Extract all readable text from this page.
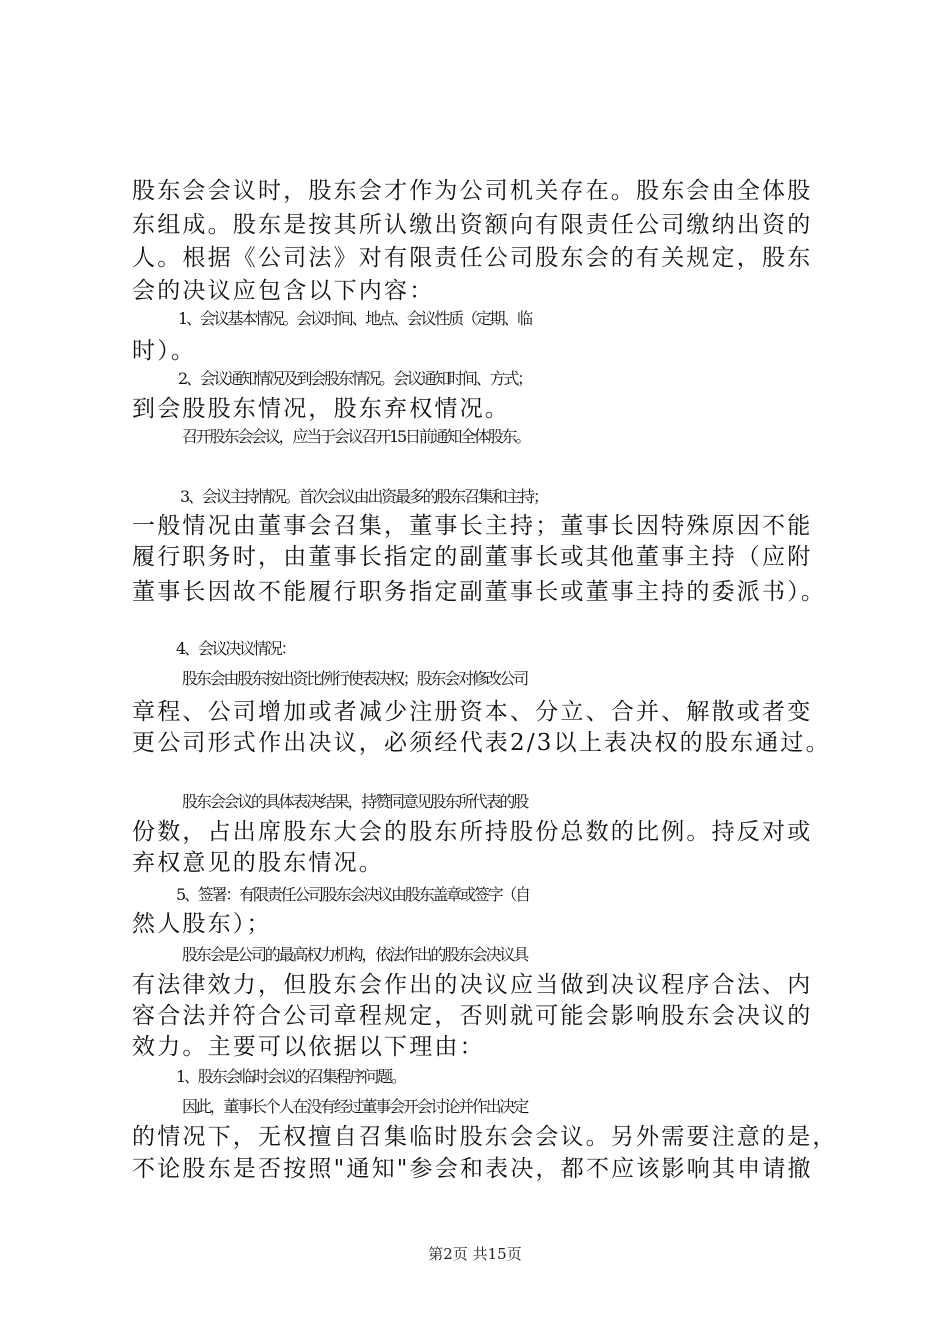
股东会会议时，股东会才作为公司机关存在。股东会由全体股
东组成。股东是按其所认缴出资额向有限责任公司缴纳出资的
人。根据《公司法》对有限责任公司股东会的有关规定，股东
会的决议应包含以下内容：
1、会议基本情况。会议时间、地点、会议性质（定期、临
时）。
2、会议通知情况及到会股东情况。会议通知时间、方式；
到会股股东情况，股东弃权情况。
召开股东会会议，应当于会议召开15日前通知全体股东。
3、会议主持情况。首次会议由出资最多的股东召集和主持；
一般情况由董事会召集，董事长主持；董事长因特殊原因不能
履行职务时，由董事长指定的副董事长或其他董事主持（应附
董事长因故不能履行职务指定副董事长或董事主持的委派书）。
4、会议决议情况：
股东会由股东按出资比例行使表决权；股东会对修改公司
章程、公司增加或者减少注册资本、分立、合并、解散或者变
更公司形式作出决议，必须经代表2/3以上表决权的股东通过。
股东会会议的具体表决结果，持赞同意见股东所代表的股
份数，占出席股东大会的股东所持股份总数的比例。持反对或
弃权意见的股东情况。
5、签署：有限责任公司股东会决议由股东盖章或签字（自
然人股东）；
股东会是公司的最高权力机构，依法作出的股东会决议具
有法律效力，但股东会作出的决议应当做到决议程序合法、内
容合法并符合公司章程规定，否则就可能会影响股东会决议的
效力。主要可以依据以下理由：
1、股东会临时会议的召集程序问题。
因此，董事长个人在没有经过董事会开会讨论并作出决定
的情况下，无权擅自召集临时股东会会议。另外需要注意的是，
不论股东是否按照"通知"参会和表决，都不应该影响其申请撤
第2页 共15页
